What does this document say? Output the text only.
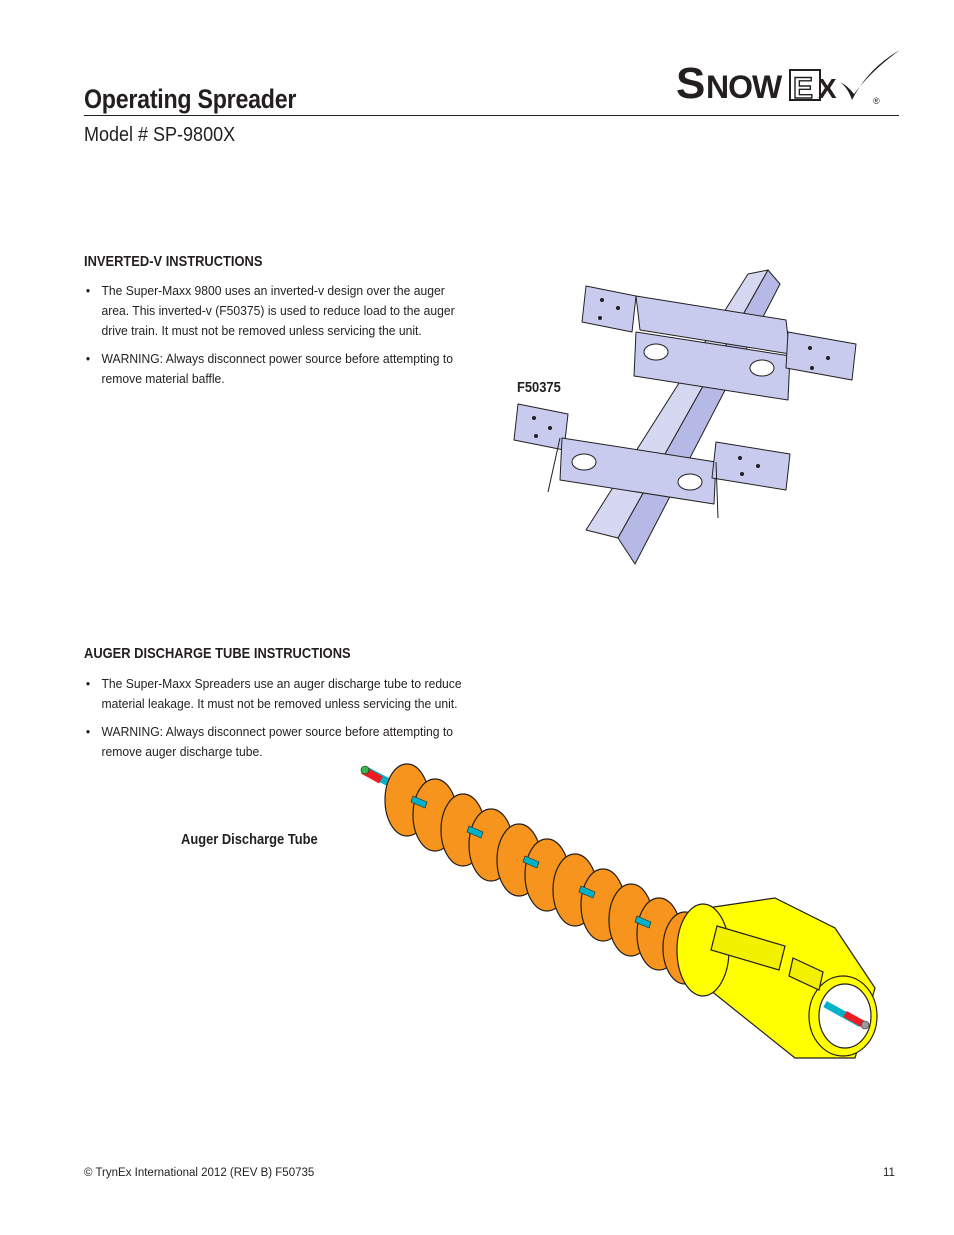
Operating Spreader
Model # SP-9800X
S NOW E X	®
INVERTED-V INSTRUCTIONS
• The Super-Maxx 9800 uses an inverted-v design over the auger area. This inverted-v (F50375) is used to reduce load to the auger drive train. It must not be removed unless servicing the unit.
• WARNING: Always disconnect power source before attempting to remove material baffle.
F50375
AUGER DISCHARGE TUBE INSTRUCTIONS
• The Super-Maxx Spreaders use an auger discharge tube to reduce material leakage. It must not be removed unless servicing the unit.
• WARNING: Always disconnect power source before attempting to remove auger discharge tube.
Auger Discharge Tube
© TrynEx International 2012 (REV B) F50735	11
